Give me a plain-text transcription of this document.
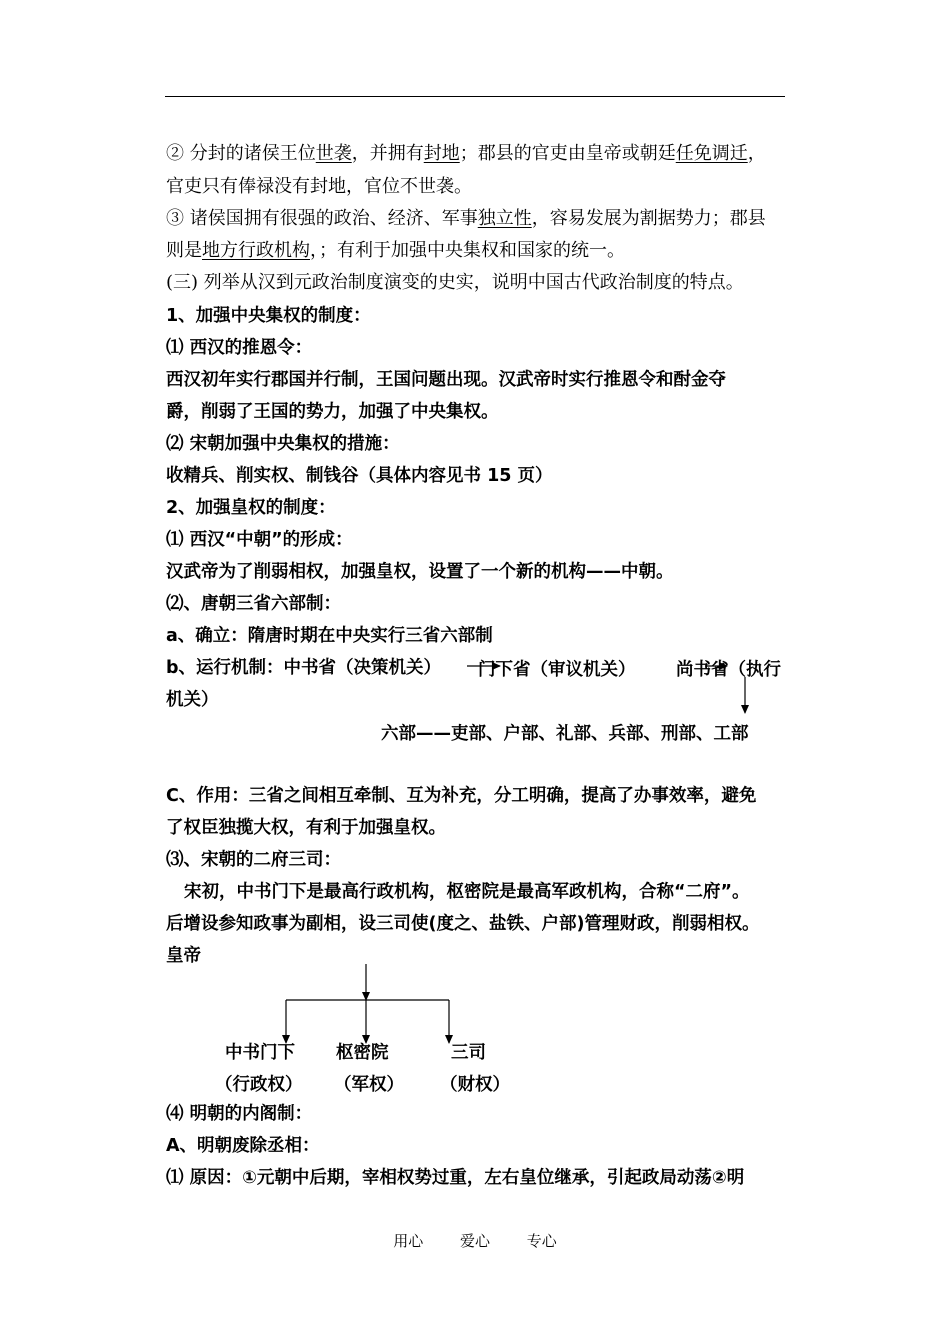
② 分封的诸侯王位世袭，并拥有封地；郡县的官吏由皇帝或朝廷任免调迁，
官吏只有俸禄没有封地，官位不世袭。
③ 诸侯国拥有很强的政治、经济、军事独立性，容易发展为割据势力；郡县
则是地方行政机构，；有利于加强中央集权和国家的统一。
(三) 列举从汉到元政治制度演变的史实，说明中国古代政治制度的特点。
1、加强中央集权的制度：
⑴ 西汉的推恩令：
西汉初年实行郡国并行制，王国问题出现。汉武帝时实行推恩令和酎金夺
爵，削弱了王国的势力，加强了中央集权。
⑵ 宋朝加强中央集权的措施：
收精兵、削实权、制钱谷（具体内容见书 15 页）
2、加强皇权的制度：
⑴ 西汉“中朝”的形成：
汉武帝为了削弱相权，加强皇权，设置了一个新的机构——中朝。
⑵、唐朝三省六部制：
a、确立：隋唐时期在中央实行三省六部制
b、运行机制：中书省（决策机关） 门下省（审议机关） 尚书省（执行
机关）
六部——吏部、户部、礼部、兵部、刑部、工部
C、作用：三省之间相互牵制、互为补充，分工明确，提高了办事效率，避免
了权臣独揽大权，有利于加强皇权。
⑶、宋朝的二府三司：
宋初，中书门下是最高行政机构，枢密院是最高军政机构，合称“二府”。
后增设参知政事为副相，设三司使(度之、盐铁、户部)管理财政，削弱相权。
皇帝
中书门下 枢密院	三司
（行政权） （军权） （财权）
⑷ 明朝的内阁制：
A、明朝废除丞相：
⑴ 原因：①元朝中后期，宰相权势过重，左右皇位继承，引起政局动荡②明
用心 爱心 专心
